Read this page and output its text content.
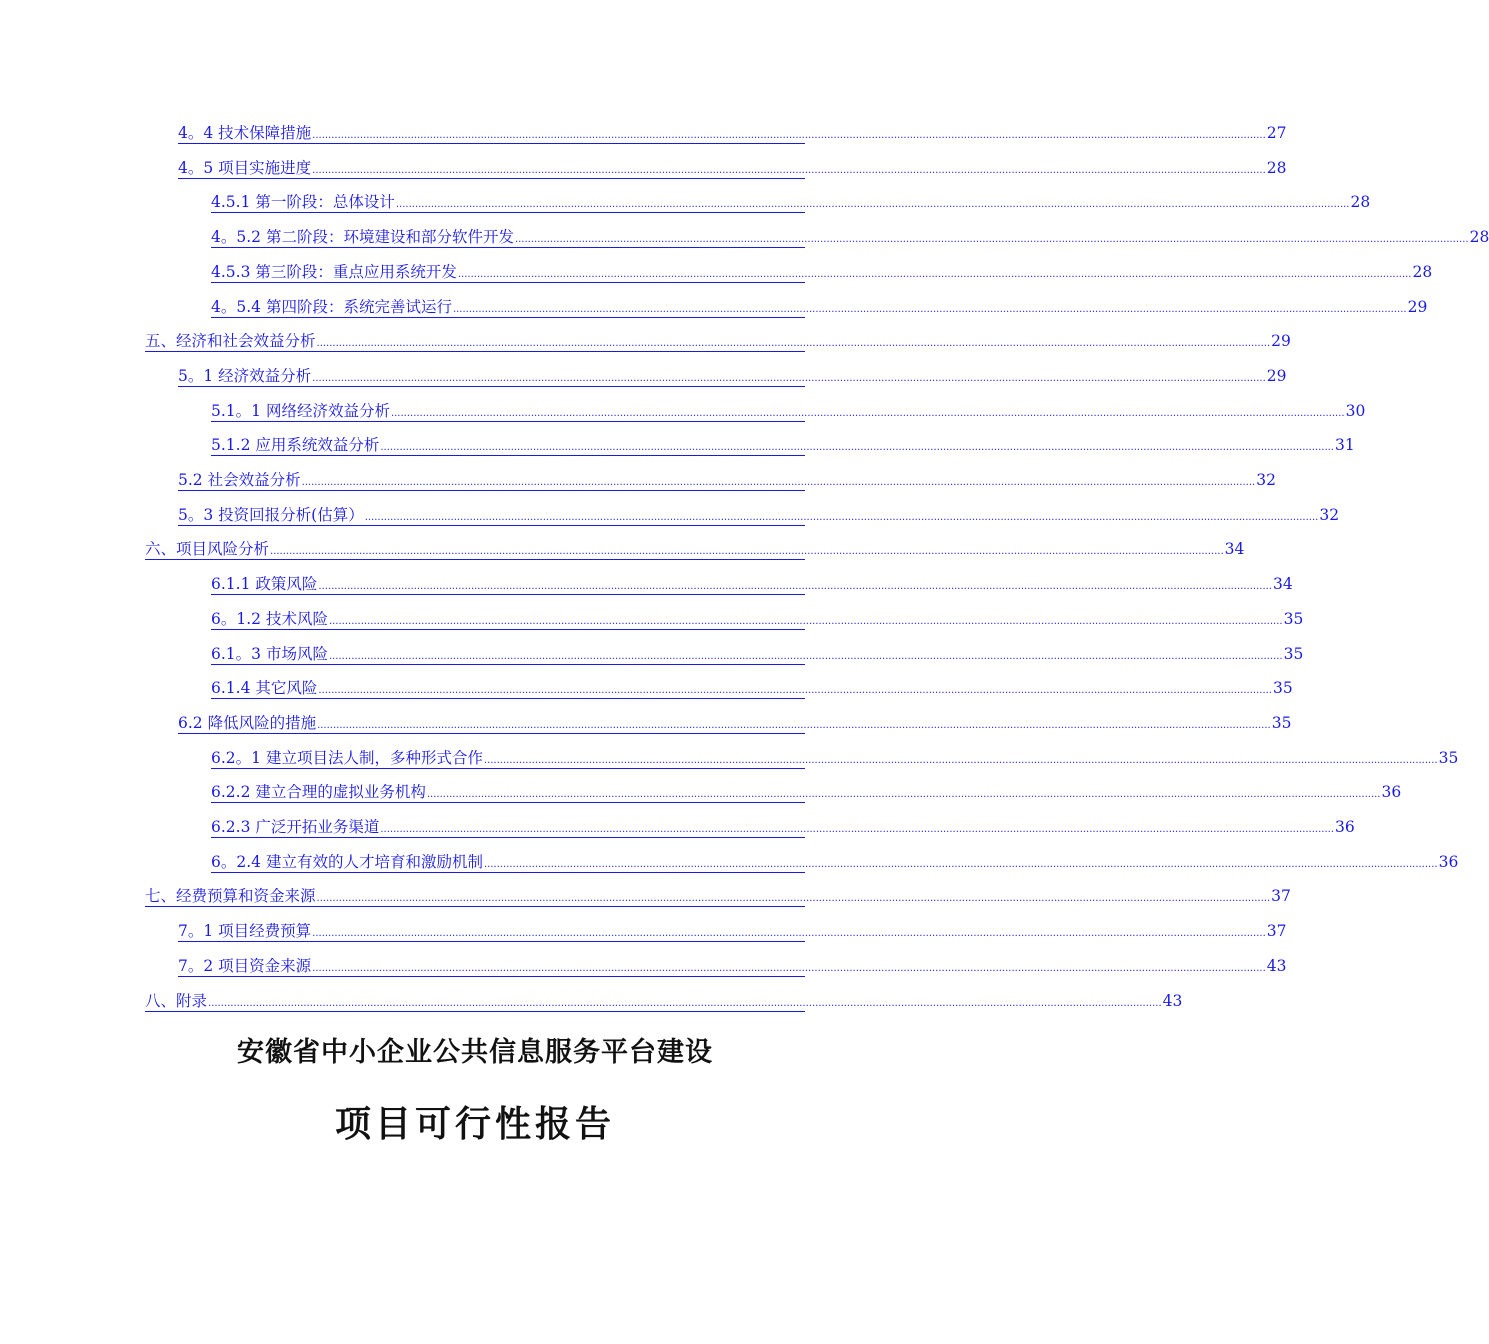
4。4 技术保障措施 ............................................................................................................................................................................................................................................................................................................ 27
4。5 项目实施进度 ............................................................................................................................................................................................................................................................................................................ 28
4.5.1 第一阶段：总体设计 ............................................................................................................................................................................................................................................................................................................ 28
4。5.2 第二阶段：环境建设和部分软件开发 ............................................................................................................................................................................................................................................................................................................ 28
4.5.3 第三阶段：重点应用系统开发 ............................................................................................................................................................................................................................................................................................................ 28
4。5.4 第四阶段：系统完善试运行 ............................................................................................................................................................................................................................................................................................................ 29
五、经济和社会效益分析 ............................................................................................................................................................................................................................................................................................................ 29
5。1 经济效益分析 ............................................................................................................................................................................................................................................................................................................ 29
5.1。1 网络经济效益分析 ............................................................................................................................................................................................................................................................................................................ 30
5.1.2 应用系统效益分析 ............................................................................................................................................................................................................................................................................................................ 31
5.2 社会效益分析 ............................................................................................................................................................................................................................................................................................................ 32
5。3 投资回报分析(估算） ............................................................................................................................................................................................................................................................................................................ 32
六、项目风险分析 ............................................................................................................................................................................................................................................................................................................ 34
6.1.1 政策风险 ............................................................................................................................................................................................................................................................................................................ 34
6。1.2 技术风险 ............................................................................................................................................................................................................................................................................................................ 35
6.1。3 市场风险 ............................................................................................................................................................................................................................................................................................................ 35
6.1.4 其它风险 ............................................................................................................................................................................................................................................................................................................ 35
6.2 降低风险的措施 ............................................................................................................................................................................................................................................................................................................ 35
6.2。1 建立项目法人制，多种形式合作 ............................................................................................................................................................................................................................................................................................................ 35
6.2.2 建立合理的虚拟业务机构 ............................................................................................................................................................................................................................................................................................................ 36
6.2.3 广泛开拓业务渠道 ............................................................................................................................................................................................................................................................................................................ 36
6。2.4 建立有效的人才培育和激励机制 ............................................................................................................................................................................................................................................................................................................ 36
七、经费预算和资金来源 ............................................................................................................................................................................................................................................................................................................ 37
7。1 项目经费预算 ............................................................................................................................................................................................................................................................................................................ 37
7。2 项目资金来源 ............................................................................................................................................................................................................................................................................................................ 43
八、附录 ............................................................................................................................................................................................................................................................................................................ 43
安徽省中小企业公共信息服务平台建设
项目可行性报告
